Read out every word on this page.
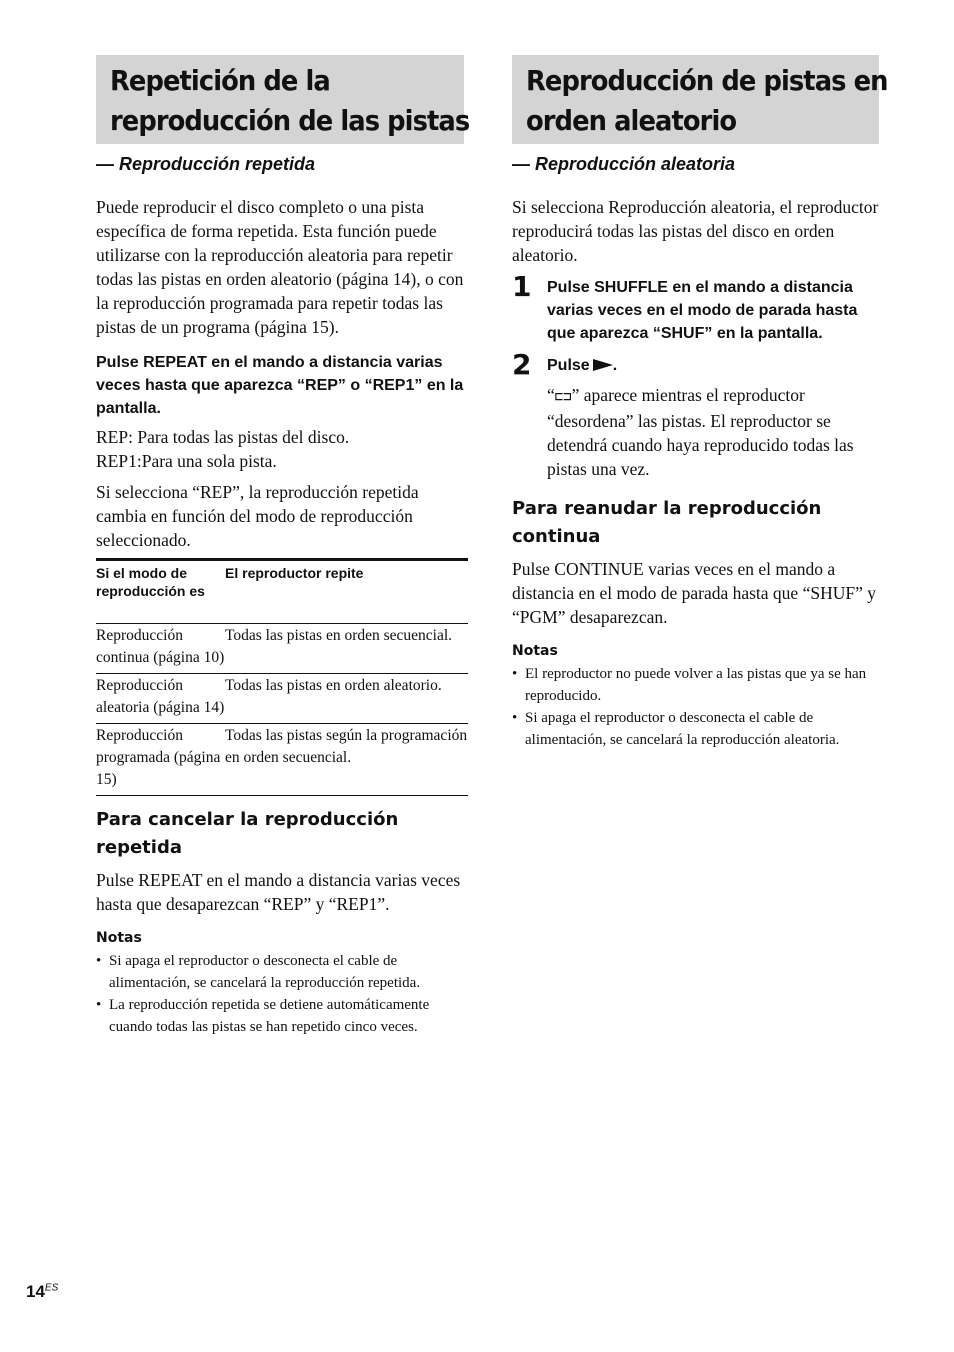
Repetición de la
reproducción de las pistas

— Reproducción repetida

Puede reproducir el disco completo o una pista específica de forma repetida. Esta función puede utilizarse con la reproducción aleatoria para repetir todas las pistas en orden aleatorio (página 14), o con la reproducción programada para repetir todas las pistas de un programa (página 15).

Pulse REPEAT en el mando a distancia varias veces hasta que aparezca “REP” o “REP1” en la pantalla.

REP: Para todas las pistas del disco.

REP1:Para una sola pista.

Si selecciona “REP”, la reproducción repetida cambia en función del modo de reproducción seleccionado.

Si el modo de reproducción es	El reproductor repite
Reproducción continua (página 10)	Todas las pistas en orden secuencial.
Reproducción aleatoria (página 14)	Todas las pistas en orden aleatorio.
Reproducción programada (página 15)	Todas las pistas según la programación en orden secuencial.

Para cancelar la reproducción repetida

Pulse REPEAT en el mando a distancia varias veces hasta que desaparezcan “REP” y “REP1”.

Notas

• Si apaga el reproductor o desconecta el cable de alimentación, se cancelará la reproducción repetida.
• La reproducción repetida se detiene automáticamente cuando todas las pistas se han repetido cinco veces.
Reproducción de pistas en
orden aleatorio

— Reproducción aleatoria

Si selecciona Reproducción aleatoria, el reproductor reproducirá todas las pistas del disco en orden aleatorio.

1 Pulse SHUFFLE en el mando a distancia varias veces en el modo de parada hasta que aparezca “SHUF” en la pantalla.

2 Pulse .

“⊏⊐” aparece mientras el reproductor “desordena” las pistas. El reproductor se detendrá cuando haya reproducido todas las pistas una vez.

Para reanudar la reproducción continua

Pulse CONTINUE varias veces en el mando a distancia en el modo de parada hasta que “SHUF” y “PGM” desaparezcan.

Notas

• El reproductor no puede volver a las pistas que ya se han reproducido.
• Si apaga el reproductor o desconecta el cable de alimentación, se cancelará la reproducción aleatoria.
$14^{ES}$
